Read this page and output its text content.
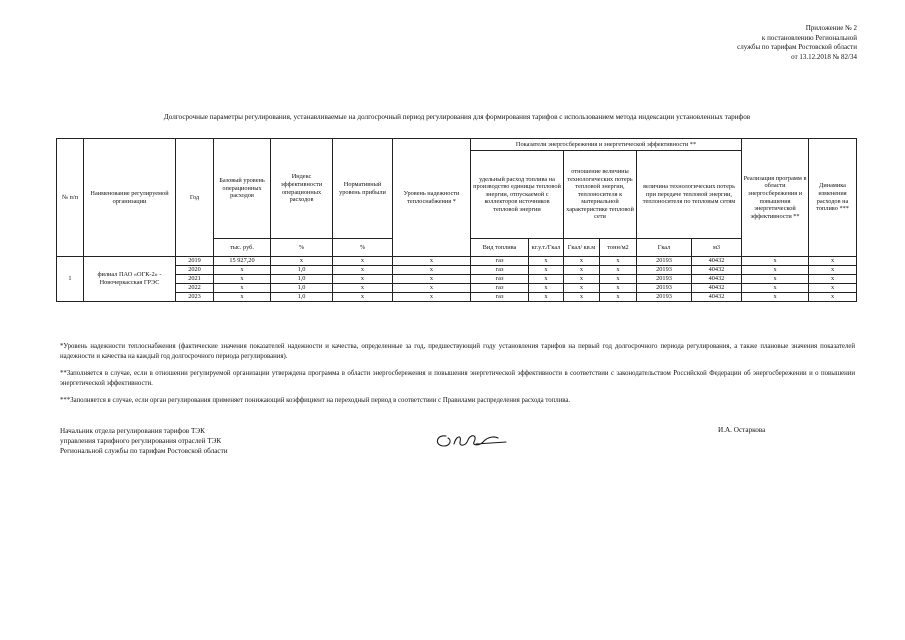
Приложение № 2
к постановлению Региональной
службы по тарифам Ростовской области
от 13.12.2018 № 82/34
Долгосрочные параметры регулирования, устанавливаемые на долгосрочный период регулирования для формирования тарифов с использованием метода индексации установленных тарифов
№ п/п	Наименование регулируемой организации	Год	Базовый уровень операционных расходов	Индекс эффективности операционных расходов	Нормативный уровень прибыли	Уровень надежности теплоснабжения *	Показатели энергосбережения и энергетической эффективности **						Реализация программ в области энергосбережения и повышения энергетической эффективности **	Динамика изменения расходов на топливо ***
							удельный расход топлива на производство единицы тепловой энергии, отпускаемой с коллекторов источников тепловой энергии		отношение величины технологических потерь тепловой энергии, теплоносителя к материальной характеристике тепловой сети		величина технологических потерь при передаче тепловой энергии, теплоносителя по тепловым сетям			
			тыс. руб.	%	%		Вид топлива	кг.у.т./Гкал	Гкал/ кв.м	тонн/м2	Гкал	м3		
1	филиал ПАО «ОГК-2» - Новочеркасская ГРЭС	2019	15 927,20	x	x	x	газ	x	x	x	20193	40432	x	x
		2020	x	1,0	x	x	газ	x	x	x	20193	40432	x	x
		2021	x	1,0	x	x	газ	x	x	x	20193	40432	x	x
		2022	x	1,0	x	x	газ	x	x	x	20193	40432	x	x
		2023	x	1,0	x	x	газ	x	x	x	20193	40432	x	x

*Уровень надежности теплоснабжения (фактические значения показателей надежности и качества, определенные за год, предшествующий году установления тарифов на первый год долгосрочного периода регулирования, а также плановые значения показателей надежности и качества на каждый год долгосрочного периода регулирования).

**Заполняется в случае, если в отношении регулируемой организации утверждена программа в области энергосбережения и повышения энергетической эффективности в соответствии с законодательством Российской Федерации об энергосбережении и о повышении энергетической эффективности.

***Заполняется в случае, если орган регулирования применяет понижающий коэффициент на переходный период в соответствии с Правилами распределения расхода топлива.

Начальник отдела регулирования тарифов ТЭК
управления тарифного регулирования отраслей ТЭК
Региональной службы по тарифам Ростовской области
И.А. Остаркова
